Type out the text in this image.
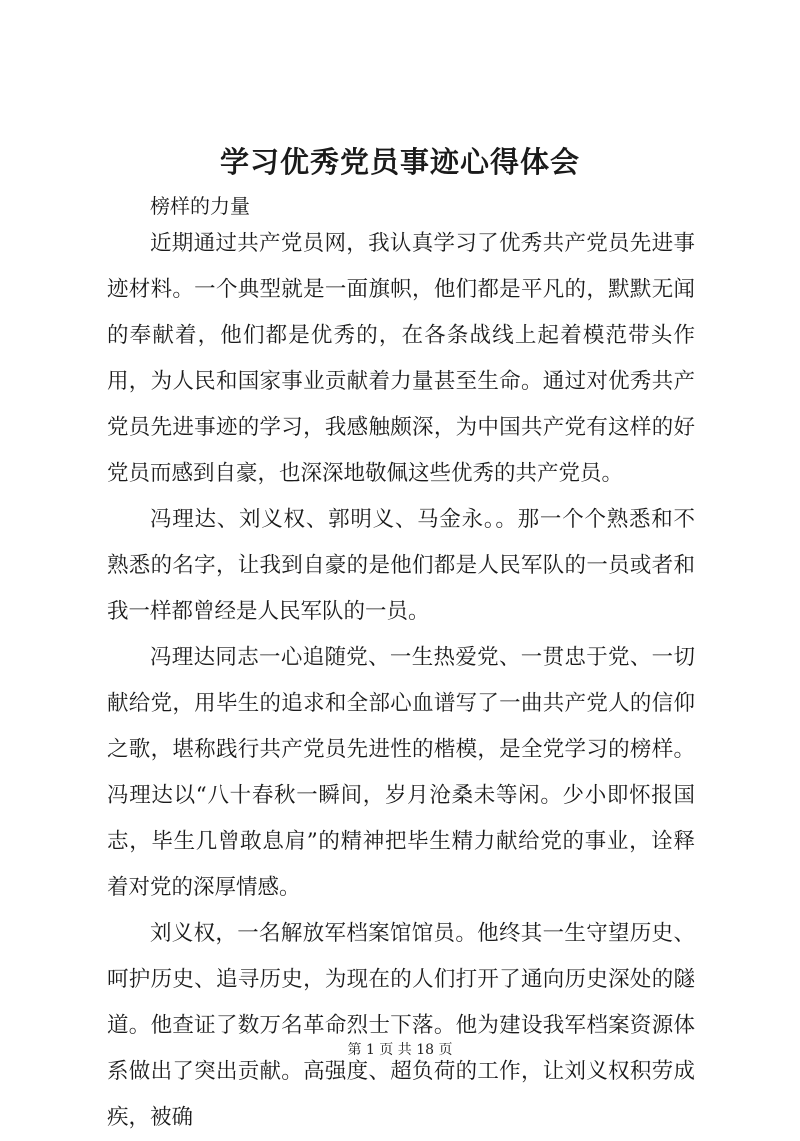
学习优秀党员事迹心得体会

榜样的力量

近期通过共产党员网，我认真学习了优秀共产党员先进事迹材料。一个典型就是一面旗帜，他们都是平凡的，默默无闻的奉献着，他们都是优秀的，在各条战线上起着模范带头作用，为人民和国家事业贡献着力量甚至生命。通过对优秀共产党员先进事迹的学习，我感触颇深，为中国共产党有这样的好党员而感到自豪，也深深地敬佩这些优秀的共产党员。

冯理达、刘义权、郭明义、马金永。。那一个个熟悉和不熟悉的名字，让我到自豪的是他们都是人民军队的一员或者和我一样都曾经是人民军队的一员。

冯理达同志一心追随党、一生热爱党、一贯忠于党、一切献给党，用毕生的追求和全部心血谱写了一曲共产党人的信仰之歌，堪称践行共产党员先进性的楷模，是全党学习的榜样。冯理达以“八十春秋一瞬间，岁月沧桑未等闲。少小即怀报国志，毕生几曾敢息肩”的精神把毕生精力献给党的事业，诠释着对党的深厚情感。

刘义权，一名解放军档案馆馆员。他终其一生守望历史、呵护历史、追寻历史，为现在的人们打开了通向历史深处的隧道。他查证了数万名革命烈士下落。他为建设我军档案资源体系做出了突出贡献。高强度、超负荷的工作，让刘义权积劳成疾，被确

第 1 页 共 18 页
